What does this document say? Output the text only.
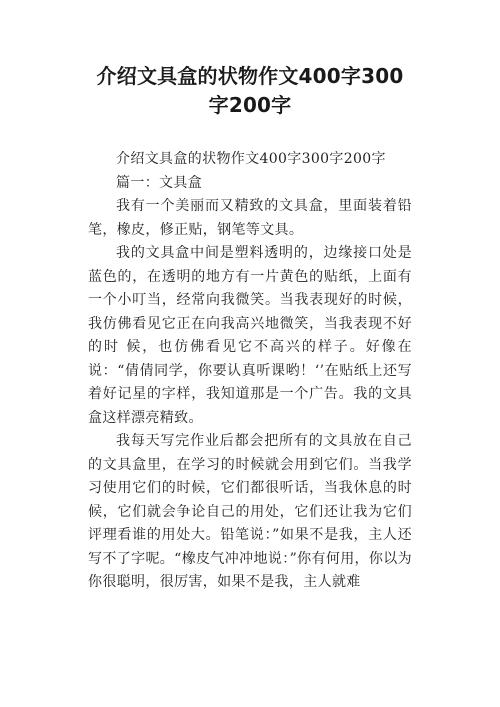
介绍文具盒的状物作文400字300字200字

介绍文具盒的状物作文400字300字200字

篇一：文具盒

我有一个美丽而又精致的文具盒，里面装着铅笔，橡皮，修正贴，钢笔等文具。

我的文具盒中间是塑料透明的，边缘接口处是蓝色的，在透明的地方有一片黄色的贴纸，上面有一个小叮当，经常向我微笑。当我表现好的时候，我仿佛看见它正在向我高兴地微笑，当我表现不好的时 候，也仿佛看见它不高兴的样子。好像在说：“倩倩同学，你要认真听课哟！‘’在贴纸上还写着好记星的字样，我知道那是一个广告。我的文具盒这样漂亮精致。

我每天写完作业后都会把所有的文具放在自己的文具盒里，在学习的时候就会用到它们。当我学习使用它们的时候，它们都很听话，当我休息的时候，它们就会争论自己的用处，它们还让我为它们评理看谁的用处大。铅笔说：”如果不是我，主人还写不了字呢。“橡皮气冲冲地说：”你有何用，你以为你很聪明，很厉害，如果不是我，主人就难
